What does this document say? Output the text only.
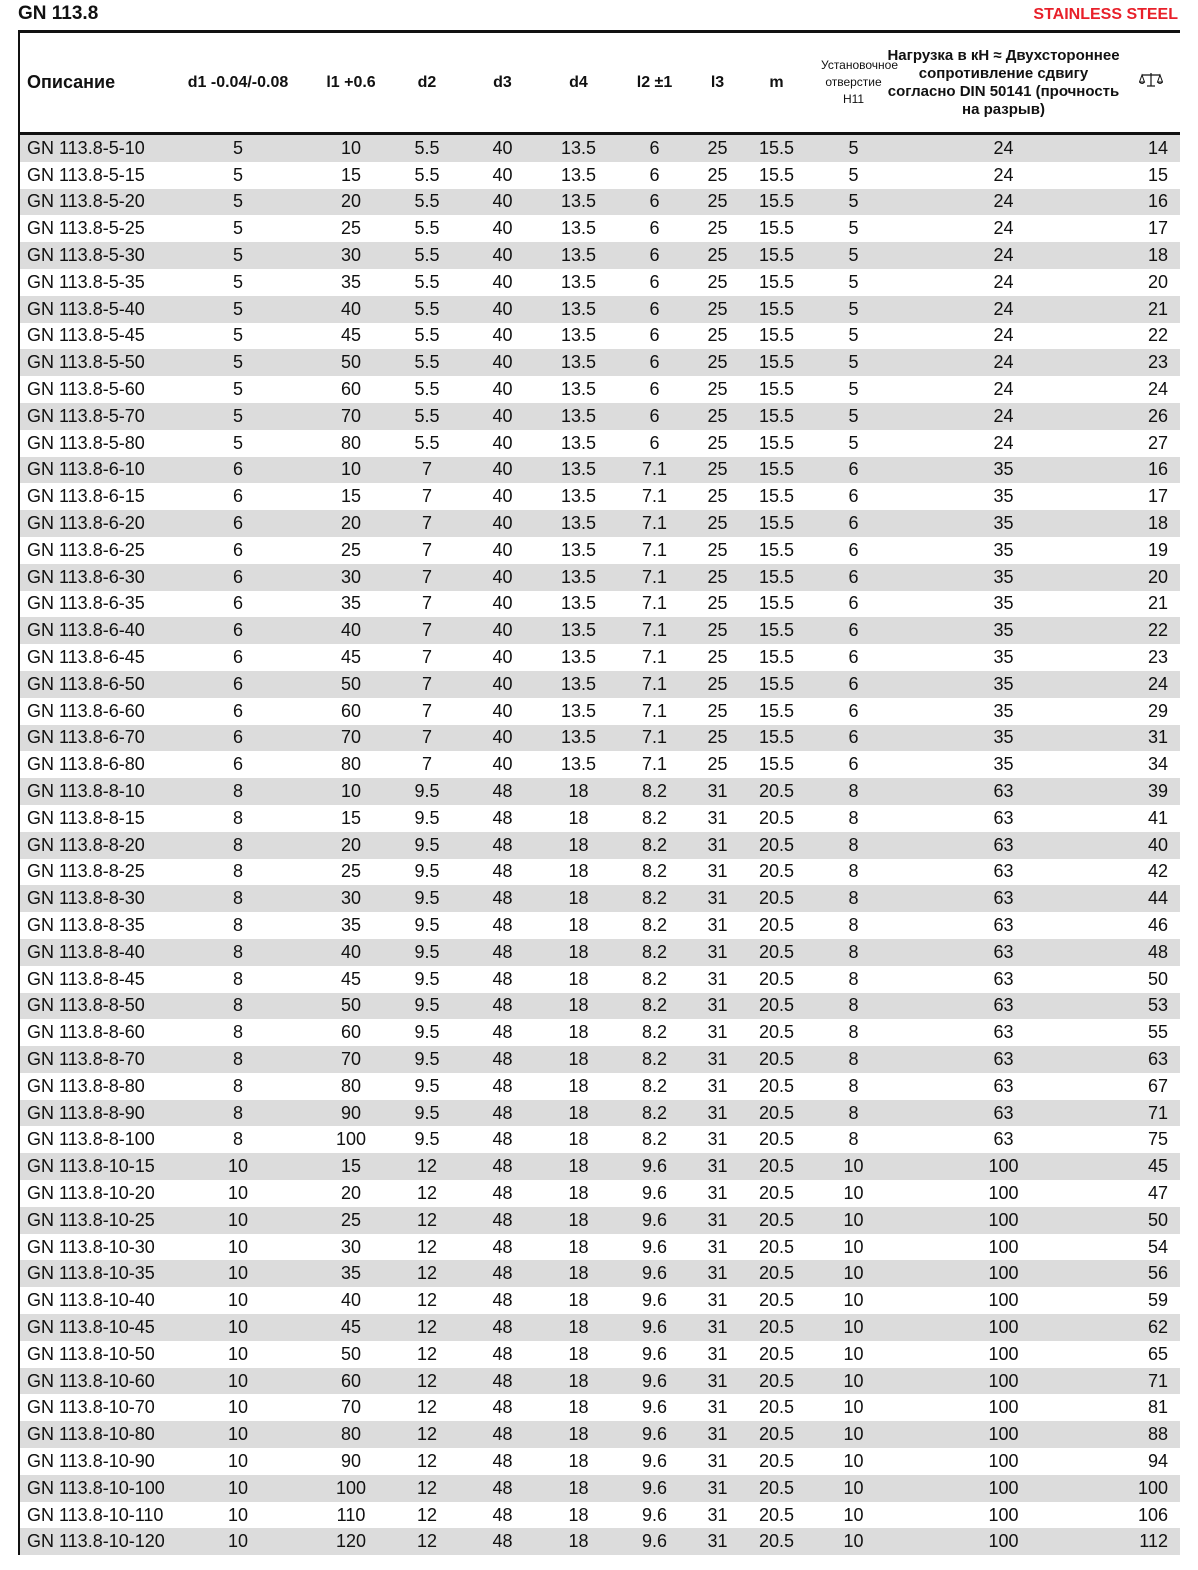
GN 113.8	STAINLESS STEEL
Описание	d1 -0.04/-0.08	l1 +0.6	d2	d3	d4	l2 ±1	l3	m	Установочное отверстие H11	Нагрузка в кН ≈ Двухстороннее сопротивление сдвигу согласно DIN 50141 (прочность на разрыв)	
GN 113.8-5-10	5	10	5.5	40	13.5	6	25	15.5	5	24	14
GN 113.8-5-15	5	15	5.5	40	13.5	6	25	15.5	5	24	15
GN 113.8-5-20	5	20	5.5	40	13.5	6	25	15.5	5	24	16
GN 113.8-5-25	5	25	5.5	40	13.5	6	25	15.5	5	24	17
GN 113.8-5-30	5	30	5.5	40	13.5	6	25	15.5	5	24	18
GN 113.8-5-35	5	35	5.5	40	13.5	6	25	15.5	5	24	20
GN 113.8-5-40	5	40	5.5	40	13.5	6	25	15.5	5	24	21
GN 113.8-5-45	5	45	5.5	40	13.5	6	25	15.5	5	24	22
GN 113.8-5-50	5	50	5.5	40	13.5	6	25	15.5	5	24	23
GN 113.8-5-60	5	60	5.5	40	13.5	6	25	15.5	5	24	24
GN 113.8-5-70	5	70	5.5	40	13.5	6	25	15.5	5	24	26
GN 113.8-5-80	5	80	5.5	40	13.5	6	25	15.5	5	24	27
GN 113.8-6-10	6	10	7	40	13.5	7.1	25	15.5	6	35	16
GN 113.8-6-15	6	15	7	40	13.5	7.1	25	15.5	6	35	17
GN 113.8-6-20	6	20	7	40	13.5	7.1	25	15.5	6	35	18
GN 113.8-6-25	6	25	7	40	13.5	7.1	25	15.5	6	35	19
GN 113.8-6-30	6	30	7	40	13.5	7.1	25	15.5	6	35	20
GN 113.8-6-35	6	35	7	40	13.5	7.1	25	15.5	6	35	21
GN 113.8-6-40	6	40	7	40	13.5	7.1	25	15.5	6	35	22
GN 113.8-6-45	6	45	7	40	13.5	7.1	25	15.5	6	35	23
GN 113.8-6-50	6	50	7	40	13.5	7.1	25	15.5	6	35	24
GN 113.8-6-60	6	60	7	40	13.5	7.1	25	15.5	6	35	29
GN 113.8-6-70	6	70	7	40	13.5	7.1	25	15.5	6	35	31
GN 113.8-6-80	6	80	7	40	13.5	7.1	25	15.5	6	35	34
GN 113.8-8-10	8	10	9.5	48	18	8.2	31	20.5	8	63	39
GN 113.8-8-15	8	15	9.5	48	18	8.2	31	20.5	8	63	41
GN 113.8-8-20	8	20	9.5	48	18	8.2	31	20.5	8	63	40
GN 113.8-8-25	8	25	9.5	48	18	8.2	31	20.5	8	63	42
GN 113.8-8-30	8	30	9.5	48	18	8.2	31	20.5	8	63	44
GN 113.8-8-35	8	35	9.5	48	18	8.2	31	20.5	8	63	46
GN 113.8-8-40	8	40	9.5	48	18	8.2	31	20.5	8	63	48
GN 113.8-8-45	8	45	9.5	48	18	8.2	31	20.5	8	63	50
GN 113.8-8-50	8	50	9.5	48	18	8.2	31	20.5	8	63	53
GN 113.8-8-60	8	60	9.5	48	18	8.2	31	20.5	8	63	55
GN 113.8-8-70	8	70	9.5	48	18	8.2	31	20.5	8	63	63
GN 113.8-8-80	8	80	9.5	48	18	8.2	31	20.5	8	63	67
GN 113.8-8-90	8	90	9.5	48	18	8.2	31	20.5	8	63	71
GN 113.8-8-100	8	100	9.5	48	18	8.2	31	20.5	8	63	75
GN 113.8-10-15	10	15	12	48	18	9.6	31	20.5	10	100	45
GN 113.8-10-20	10	20	12	48	18	9.6	31	20.5	10	100	47
GN 113.8-10-25	10	25	12	48	18	9.6	31	20.5	10	100	50
GN 113.8-10-30	10	30	12	48	18	9.6	31	20.5	10	100	54
GN 113.8-10-35	10	35	12	48	18	9.6	31	20.5	10	100	56
GN 113.8-10-40	10	40	12	48	18	9.6	31	20.5	10	100	59
GN 113.8-10-45	10	45	12	48	18	9.6	31	20.5	10	100	62
GN 113.8-10-50	10	50	12	48	18	9.6	31	20.5	10	100	65
GN 113.8-10-60	10	60	12	48	18	9.6	31	20.5	10	100	71
GN 113.8-10-70	10	70	12	48	18	9.6	31	20.5	10	100	81
GN 113.8-10-80	10	80	12	48	18	9.6	31	20.5	10	100	88
GN 113.8-10-90	10	90	12	48	18	9.6	31	20.5	10	100	94
GN 113.8-10-100	10	100	12	48	18	9.6	31	20.5	10	100	100
GN 113.8-10-110	10	110	12	48	18	9.6	31	20.5	10	100	106
GN 113.8-10-120	10	120	12	48	18	9.6	31	20.5	10	100	112
